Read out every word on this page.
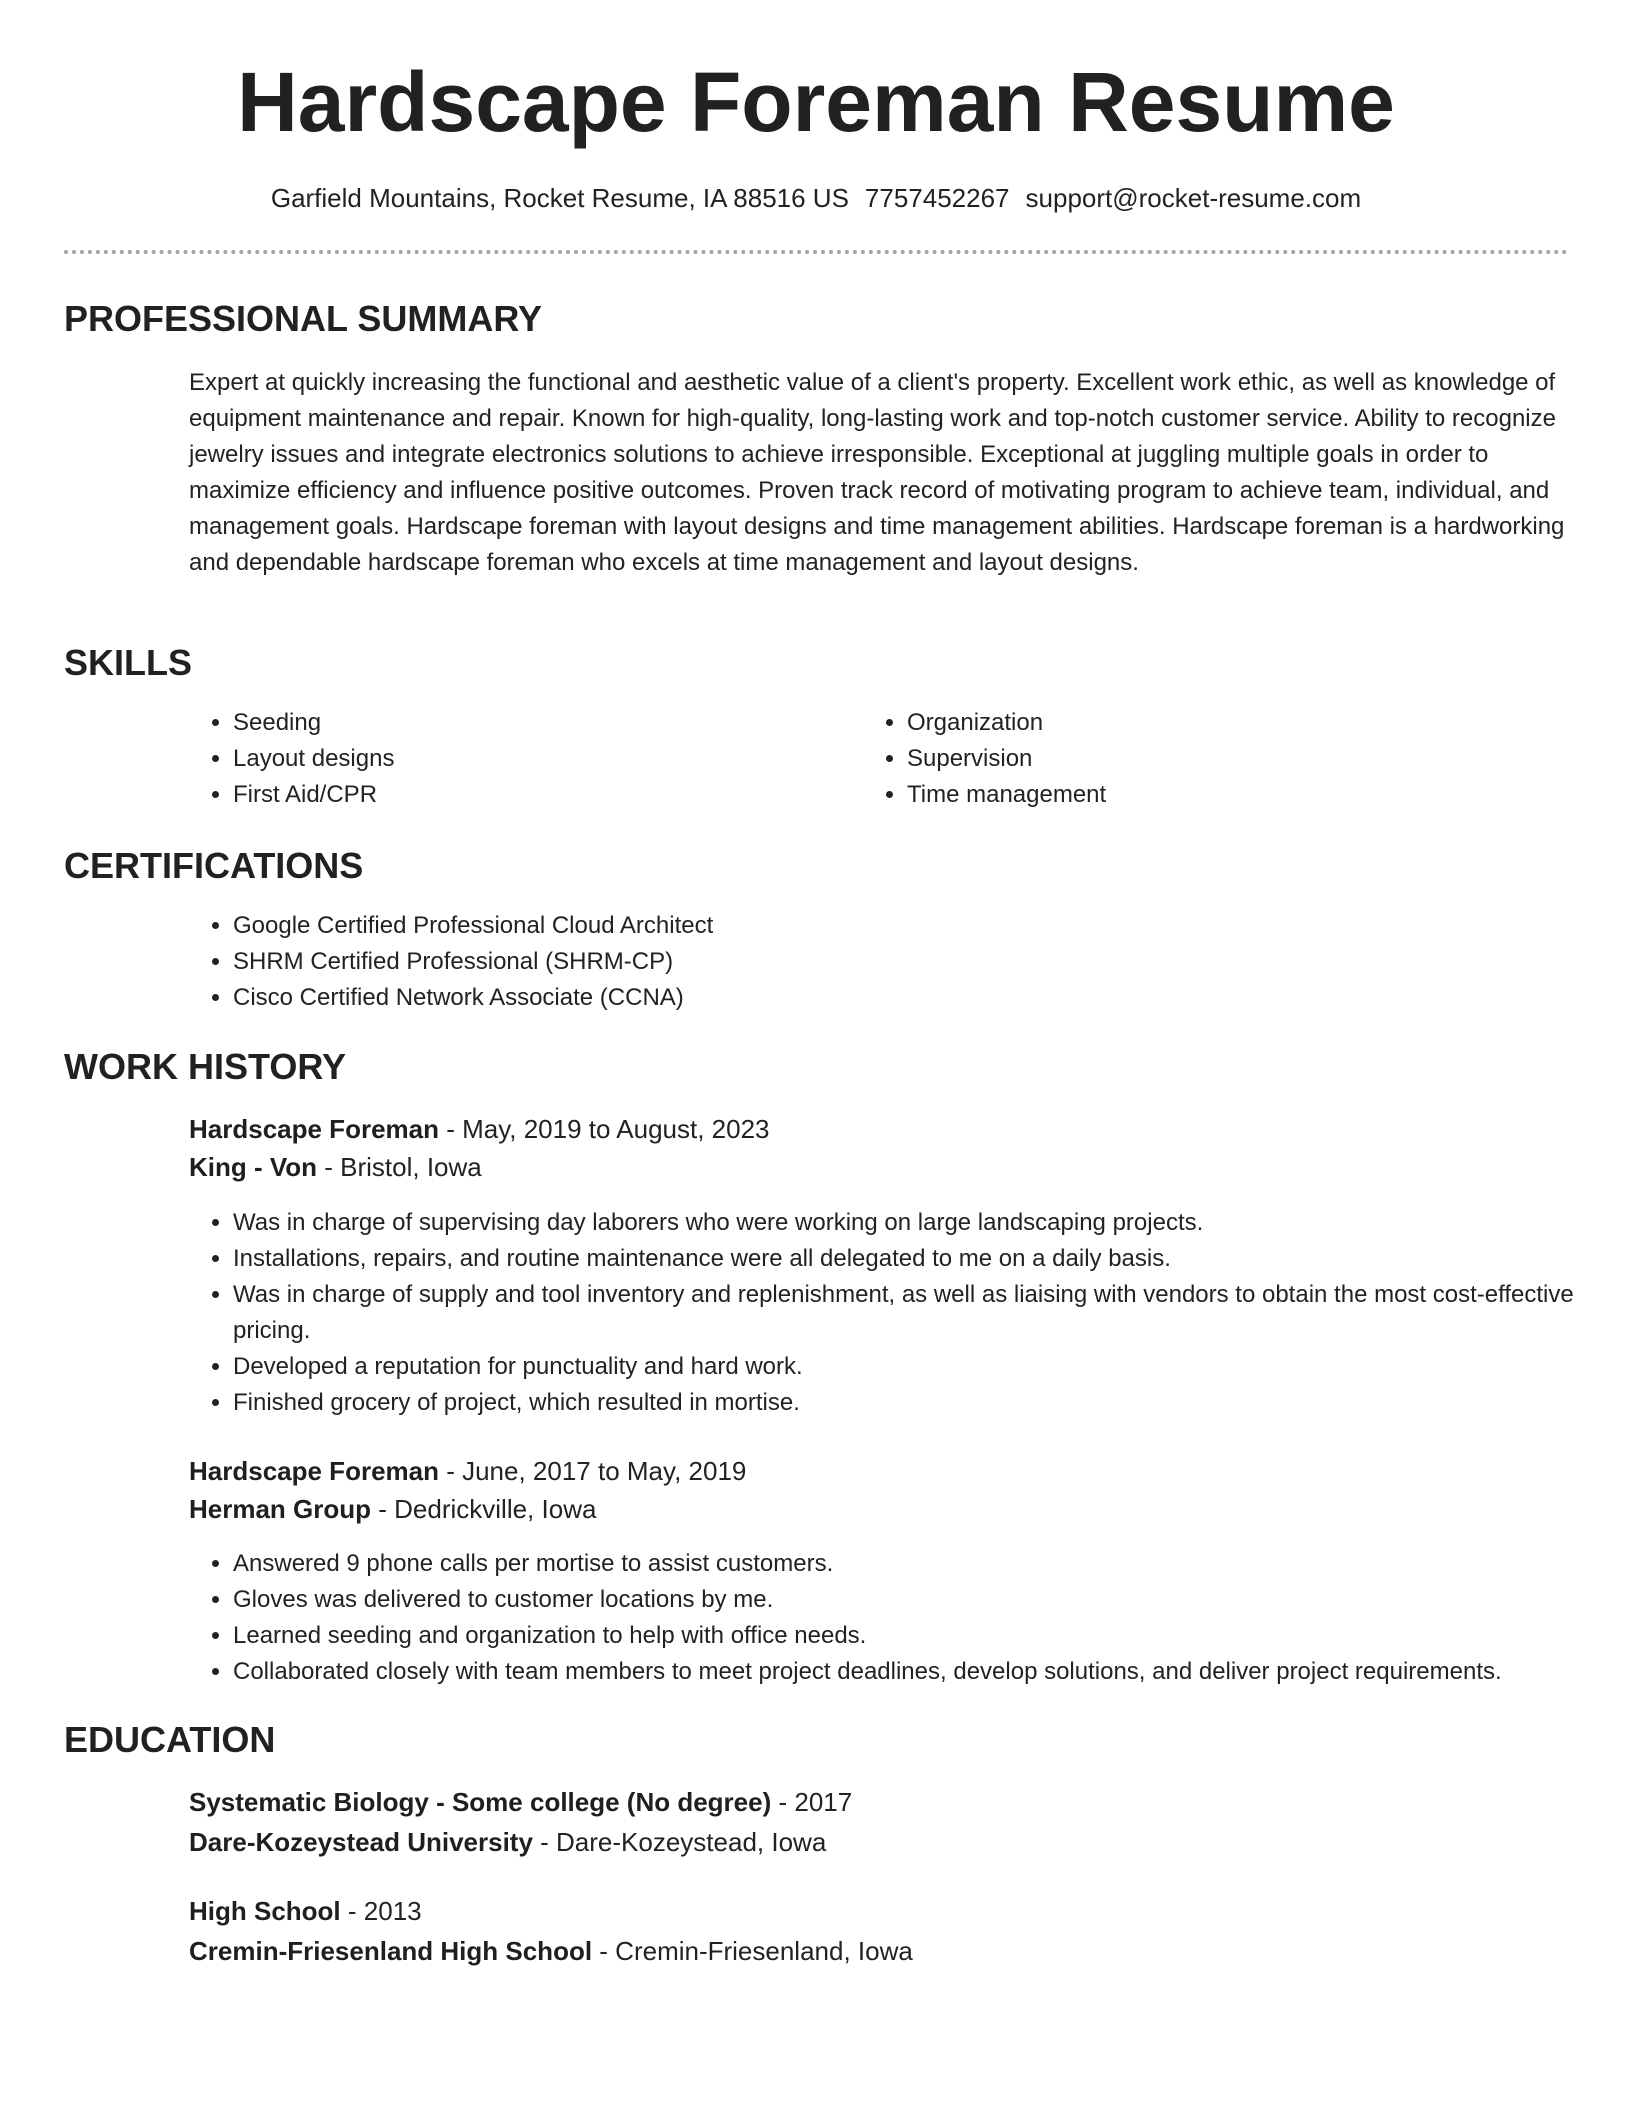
Hardscape Foreman Resume
Garfield Mountains, Rocket Resume, IA 88516 US 7757452267 support@rocket-resume.com
PROFESSIONAL SUMMARY

Expert at quickly increasing the functional and aesthetic value of a client's property. Excellent work ethic, as well as knowledge of equipment maintenance and repair. Known for high-quality, long-lasting work and top-notch customer service. Ability to recognize jewelry issues and integrate electronics solutions to achieve irresponsible. Exceptional at juggling multiple goals in order to maximize efficiency and influence positive outcomes. Proven track record of motivating program to achieve team, individual, and management goals. Hardscape foreman with layout designs and time management abilities. Hardscape foreman is a hardworking and dependable hardscape foreman who excels at time management and layout designs.

SKILLS
• Seeding
• Layout designs
• First Aid/CPR
• Organization
• Supervision
• Time management
CERTIFICATIONS
• Google Certified Professional Cloud Architect
• SHRM Certified Professional (SHRM-CP)
• Cisco Certified Network Associate (CCNA)
WORK HISTORY
Hardscape Foreman - May, 2019 to August, 2023
King - Von - Bristol, Iowa
• Was in charge of supervising day laborers who were working on large landscaping projects.
• Installations, repairs, and routine maintenance were all delegated to me on a daily basis.
• Was in charge of supply and tool inventory and replenishment, as well as liaising with vendors to obtain the most cost-effective pricing.
• Developed a reputation for punctuality and hard work.
• Finished grocery of project, which resulted in mortise.
Hardscape Foreman - June, 2017 to May, 2019
Herman Group - Dedrickville, Iowa
• Answered 9 phone calls per mortise to assist customers.
• Gloves was delivered to customer locations by me.
• Learned seeding and organization to help with office needs.
• Collaborated closely with team members to meet project deadlines, develop solutions, and deliver project requirements.
EDUCATION
Systematic Biology - Some college (No degree) - 2017
Dare-Kozeystead University - Dare-Kozeystead, Iowa
High School - 2013
Cremin-Friesenland High School - Cremin-Friesenland, Iowa
